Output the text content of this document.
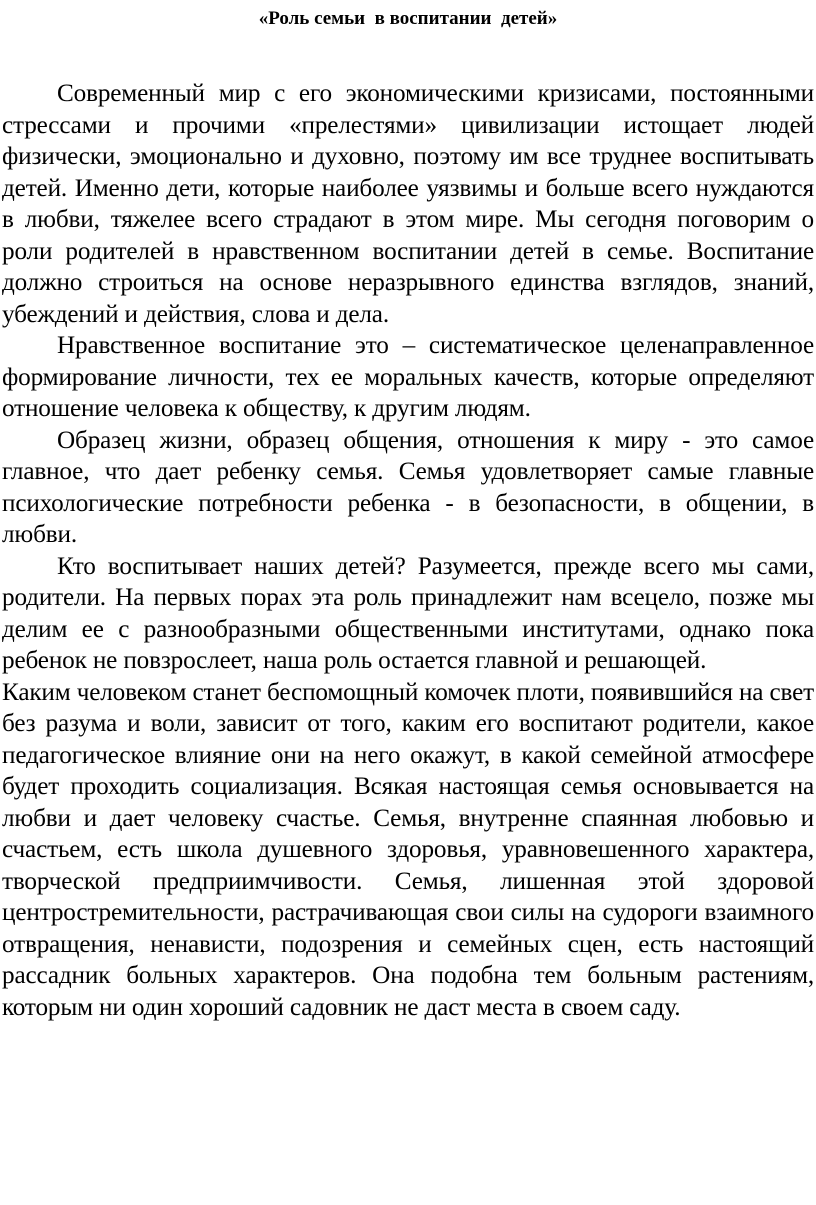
«Роль семьи  в воспитании  детей»

Современный мир с его экономическими кризисами, постоянными стрессами и прочими «прелестями» цивилизации истощает людей физически, эмоционально и духовно, поэтому им все труднее воспитывать детей. Именно дети, которые наиболее уязвимы и больше всего нуждаются в любви, тяжелее всего страдают в этом мире. Мы сегодня поговорим о роли родителей в нравственном воспитании детей в семье. Воспитание должно строиться на основе неразрывного единства взглядов, знаний, убеждений и действия, слова и дела.

Нравственное воспитание это – систематическое целенаправленное формирование личности, тех ее моральных качеств, которые определяют отношение человека к обществу, к другим людям.

Образец жизни, образец общения, отношения к миру - это самое главное, что дает ребенку семья. Семья удовлетворяет самые главные психологические потребности ребенка - в безопасности, в общении, в любви.

Кто воспитывает наших детей? Разумеется, прежде всего мы сами, родители. На первых порах эта роль принадлежит нам всецело, позже мы делим ее с разнообразными общественными институтами, однако пока ребенок не повзрослеет, наша роль остается главной и решающей.

Каким человеком станет беспомощный комочек плоти, появившийся на свет без разума и воли, зависит от того, каким его воспитают родители, какое педагогическое влияние они на него окажут, в какой семейной атмосфере будет проходить социализация. Всякая настоящая семья основывается на любви и дает человеку счастье. Семья, внутренне спаянная любовью и счастьем, есть школа душевного здоровья, уравновешенного характера, творческой предприимчивости. Семья, лишенная этой здоровой центростремительности, растрачивающая свои силы на судороги взаимного отвращения, ненависти, подозрения и семейных сцен, есть настоящий рассадник больных характеров. Она подобна тем больным растениям, которым ни один хороший садовник не даст места в своем саду.
